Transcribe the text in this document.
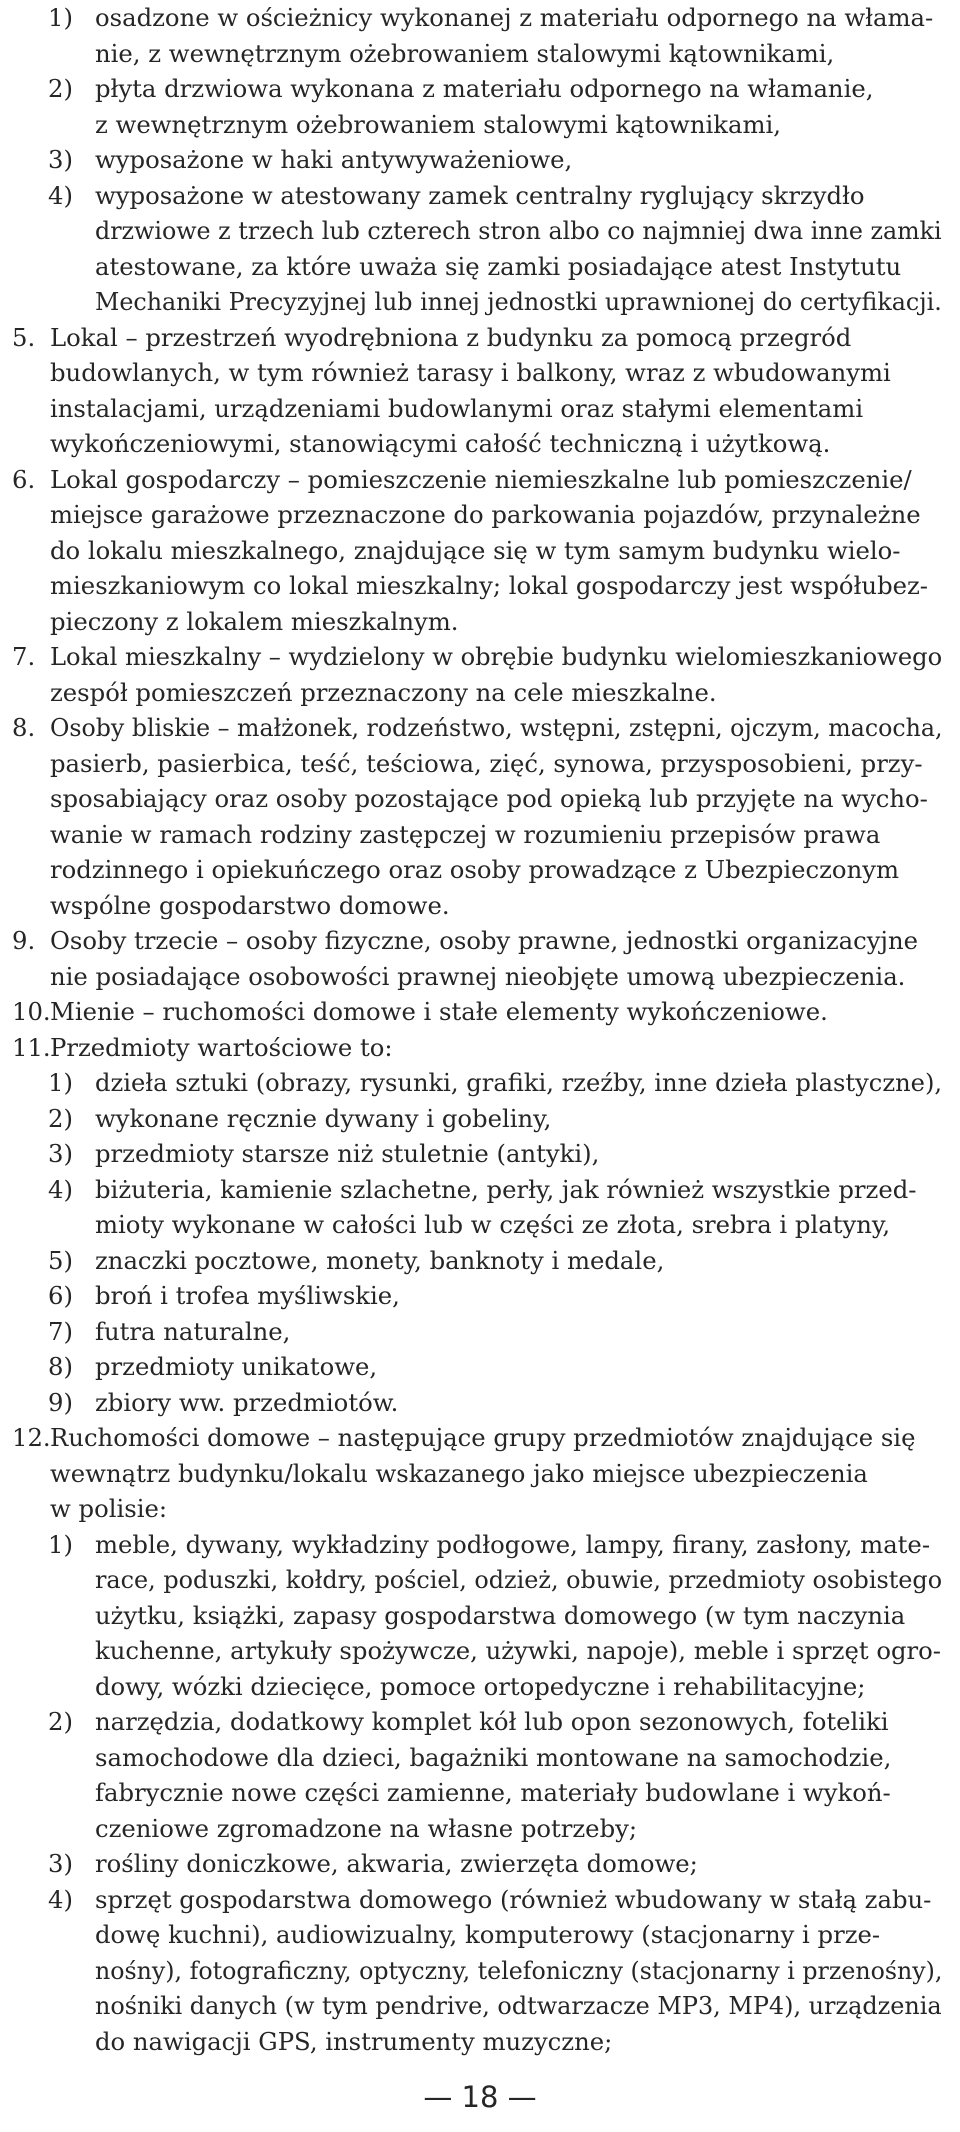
1) osadzone w ościeżnicy wykonanej z materiału odpornego na włama-
nie, z wewnętrznym ożebrowaniem stalowymi kątownikami,
2) płyta drzwiowa wykonana z materiału odpornego na włamanie,
z wewnętrznym ożebrowaniem stalowymi kątownikami,
3) wyposażone w haki antywyważeniowe,
4) wyposażone w atestowany zamek centralny ryglujący skrzydło
drzwiowe z trzech lub czterech stron albo co najmniej dwa inne zamki
atestowane, za które uważa się zamki posiadające atest Instytutu
Mechaniki Precyzyjnej lub innej jednostki uprawnionej do certyfikacji.
5. Lokal – przestrzeń wyodrębniona z budynku za pomocą przegród
budowlanych, w tym również tarasy i balkony, wraz z wbudowanymi
instalacjami, urządzeniami budowlanymi oraz stałymi elementami
wykończeniowymi, stanowiącymi całość techniczną i użytkową.
6. Lokal gospodarczy – pomieszczenie niemieszkalne lub pomieszczenie/
miejsce garażowe przeznaczone do parkowania pojazdów, przynależne
do lokalu mieszkalnego, znajdujące się w tym samym budynku wielo-
mieszkaniowym co lokal mieszkalny; lokal gospodarczy jest współubez-
pieczony z lokalem mieszkalnym.
7. Lokal mieszkalny – wydzielony w obrębie budynku wielomieszkaniowego
zespół pomieszczeń przeznaczony na cele mieszkalne.
8. Osoby bliskie – małżonek, rodzeństwo, wstępni, zstępni, ojczym, macocha,
pasierb, pasierbica, teść, teściowa, zięć, synowa, przysposobieni, przy-
sposabiający oraz osoby pozostające pod opieką lub przyjęte na wycho-
wanie w ramach rodziny zastępczej w rozumieniu przepisów prawa
rodzinnego i opiekuńczego oraz osoby prowadzące z Ubezpieczonym
wspólne gospodarstwo domowe.
9. Osoby trzecie – osoby fizyczne, osoby prawne, jednostki organizacyjne
nie posiadające osobowości prawnej nieobjęte umową ubezpieczenia.
10. Mienie – ruchomości domowe i stałe elementy wykończeniowe.
11. Przedmioty wartościowe to:
1) dzieła sztuki (obrazy, rysunki, grafiki, rzeźby, inne dzieła plastyczne),
2) wykonane ręcznie dywany i gobeliny,
3) przedmioty starsze niż stuletnie (antyki),
4) biżuteria, kamienie szlachetne, perły, jak również wszystkie przed-
mioty wykonane w całości lub w części ze złota, srebra i platyny,
5) znaczki pocztowe, monety, banknoty i medale,
6) broń i trofea myśliwskie,
7) futra naturalne,
8) przedmioty unikatowe,
9) zbiory ww. przedmiotów.
12. Ruchomości domowe – następujące grupy przedmiotów znajdujące się
wewnątrz budynku/lokalu wskazanego jako miejsce ubezpieczenia
w polisie:
1) meble, dywany, wykładziny podłogowe, lampy, firany, zasłony, mate-
race, poduszki, kołdry, pościel, odzież, obuwie, przedmioty osobistego
użytku, książki, zapasy gospodarstwa domowego (w tym naczynia
kuchenne, artykuły spożywcze, używki, napoje), meble i sprzęt ogro-
dowy, wózki dziecięce, pomoce ortopedyczne i rehabilitacyjne;
2) narzędzia, dodatkowy komplet kół lub opon sezonowych, foteliki
samochodowe dla dzieci, bagażniki montowane na samochodzie,
fabrycznie nowe części zamienne, materiały budowlane i wykoń-
czeniowe zgromadzone na własne potrzeby;
3) rośliny doniczkowe, akwaria, zwierzęta domowe;
4) sprzęt gospodarstwa domowego (również wbudowany w stałą zabu-
dowę kuchni), audiowizualny, komputerowy (stacjonarny i prze-
nośny), fotograficzny, optyczny, telefoniczny (stacjonarny i przenośny),
nośniki danych (w tym pendrive, odtwarzacze MP3, MP4), urządzenia
do nawigacji GPS, instrumenty muzyczne;
— 18 —
